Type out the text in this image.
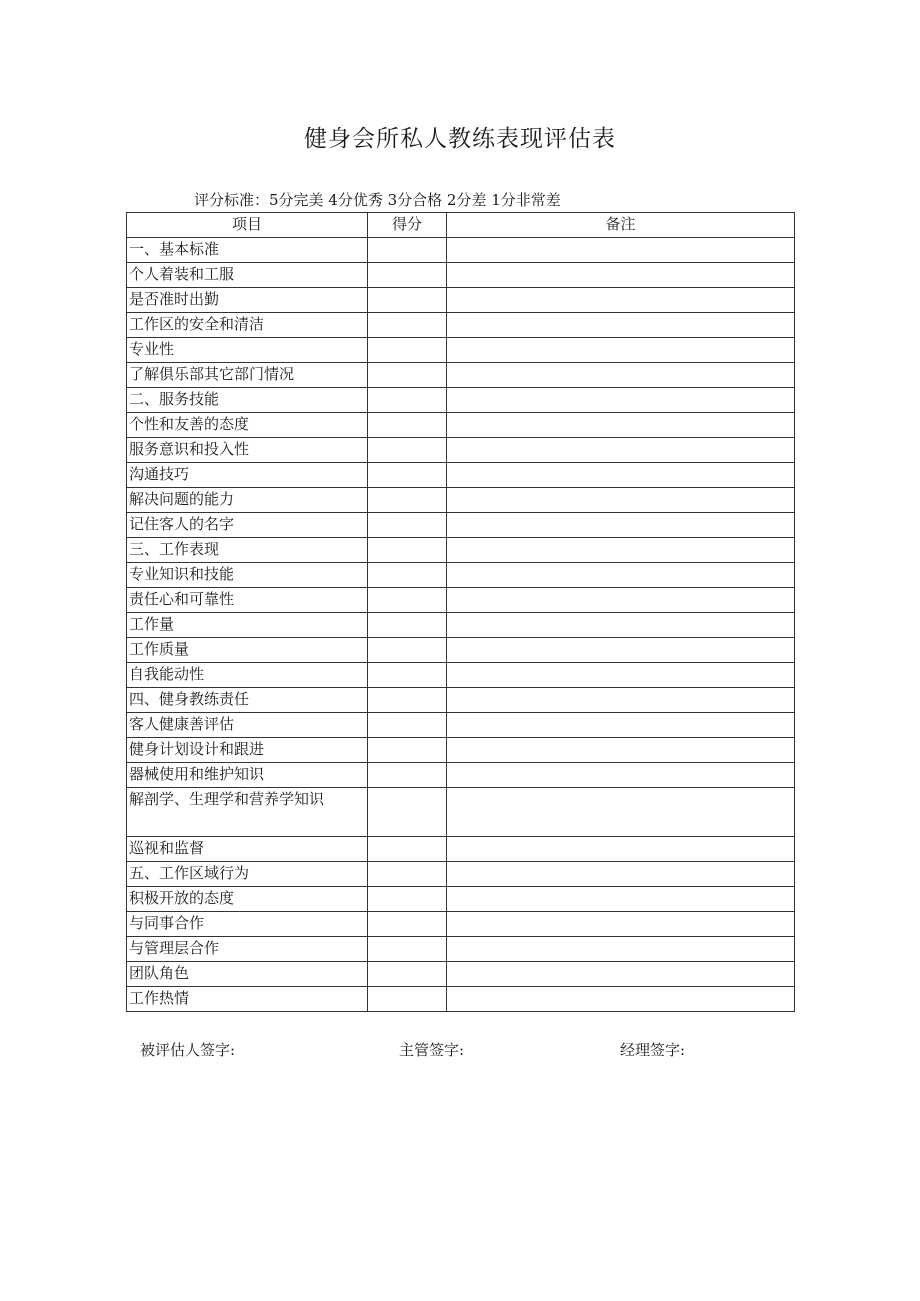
健身会所私人教练表现评估表
评分标准：5分完美 4分优秀 3分合格 2分差 1分非常差
项目	得分	备注
一、基本标准		
个人着装和工服		
是否准时出勤		
工作区的安全和清洁		
专业性		
了解俱乐部其它部门情况		
二、服务技能		
个性和友善的态度		
服务意识和投入性		
沟通技巧		
解决问题的能力		
记住客人的名字		
三、工作表现		
专业知识和技能		
责任心和可靠性		
工作量		
工作质量		
自我能动性		
四、健身教练责任		
客人健康善评估		
健身计划设计和跟进		
器械使用和维护知识		
解剖学、生理学和营养学知识		
巡视和监督		
五、工作区域行为		
积极开放的态度		
与同事合作		
与管理层合作		
团队角色		
工作热情		
被评估人签字:	主管签字:	经理签字:
